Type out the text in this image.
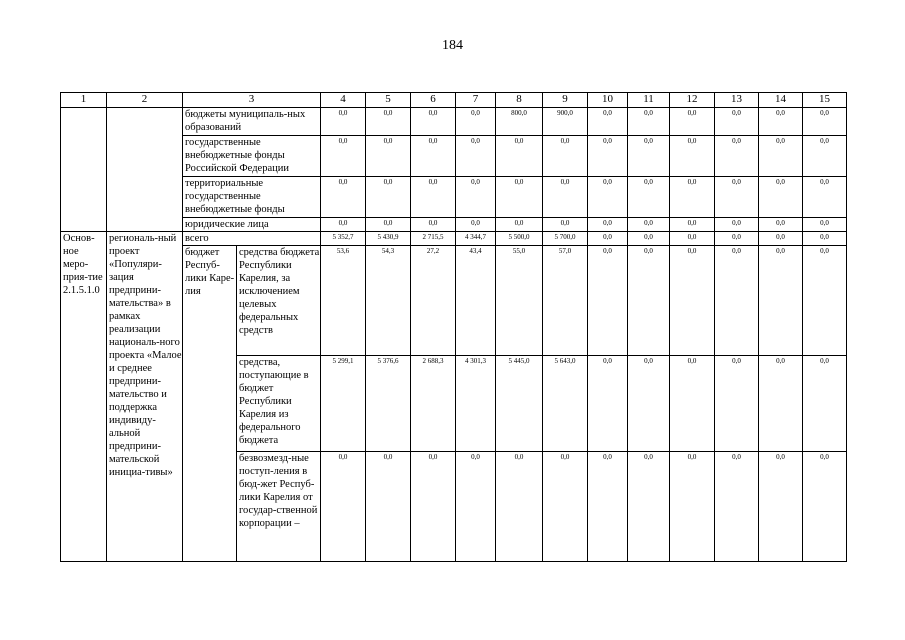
184
1	2	3		4	5	6	7	8	9	10	11	12	13	14	15
		бюджеты муниципаль-ных образований		0,0	0,0	0,0	0,0	800,0	900,0	0,0	0,0	0,0	0,0	0,0	0,0
		государственные внебюджетные фонды Российской Федерации		0,0	0,0	0,0	0,0	0,0	0,0	0,0	0,0	0,0	0,0	0,0	0,0
		территориальные государственные внебюджетные фонды		0,0	0,0	0,0	0,0	0,0	0,0	0,0	0,0	0,0	0,0	0,0	0,0
		юридические лица		0,0	0,0	0,0	0,0	0,0	0,0	0,0	0,0	0,0	0,0	0,0	0,0
Основ-ное меро-прия-тие 2.1.5.1.0	региональ-ный проект «Популяри-зация предприни-мательства» в рамках реализации националь-ного проекта «Малое и среднее предприни-мательство и поддержка индивиду-альной предприни-мательской инициа-тивы»	всего		5 352,7	5 430,9	2 715,5	4 344,7	5 500,0	5 700,0	0,0	0,0	0,0	0,0	0,0	0,0
		бюджет Респуб-лики Каре-лия	средства бюджета Республики Карелия, за исключением целевых федеральных средств	53,6	54,3	27,2	43,4	55,0	57,0	0,0	0,0	0,0	0,0	0,0	0,0
			средства, поступающие в бюджет Республики Карелия из федерального бюджета	5 299,1	5 376,6	2 688,3	4 301,3	5 445,0	5 643,0	0,0	0,0	0,0	0,0	0,0	0,0
			безвозмезд-ные поступ-ления в бюд-жет Респуб-лики Карелия от государ-ственной корпорации –	0,0	0,0	0,0	0,0	0,0	0,0	0,0	0,0	0,0	0,0	0,0	0,0
